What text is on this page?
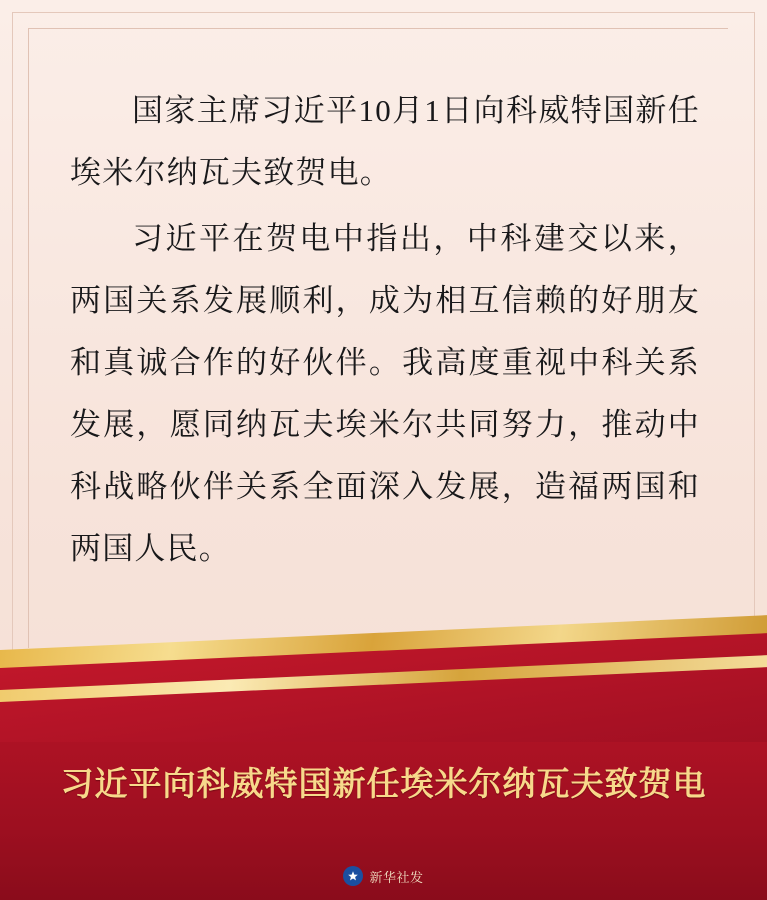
国家主席习近平10月1日向科威特国新任埃米尔纳瓦夫致贺电。

习近平在贺电中指出，中科建交以来，两国关系发展顺利，成为相互信赖的好朋友和真诚合作的好伙伴。我高度重视中科关系发展，愿同纳瓦夫埃米尔共同努力，推动中科战略伙伴关系全面深入发展，造福两国和两国人民。

习近平向科威特国新任埃米尔纳瓦夫致贺电
新华社发
